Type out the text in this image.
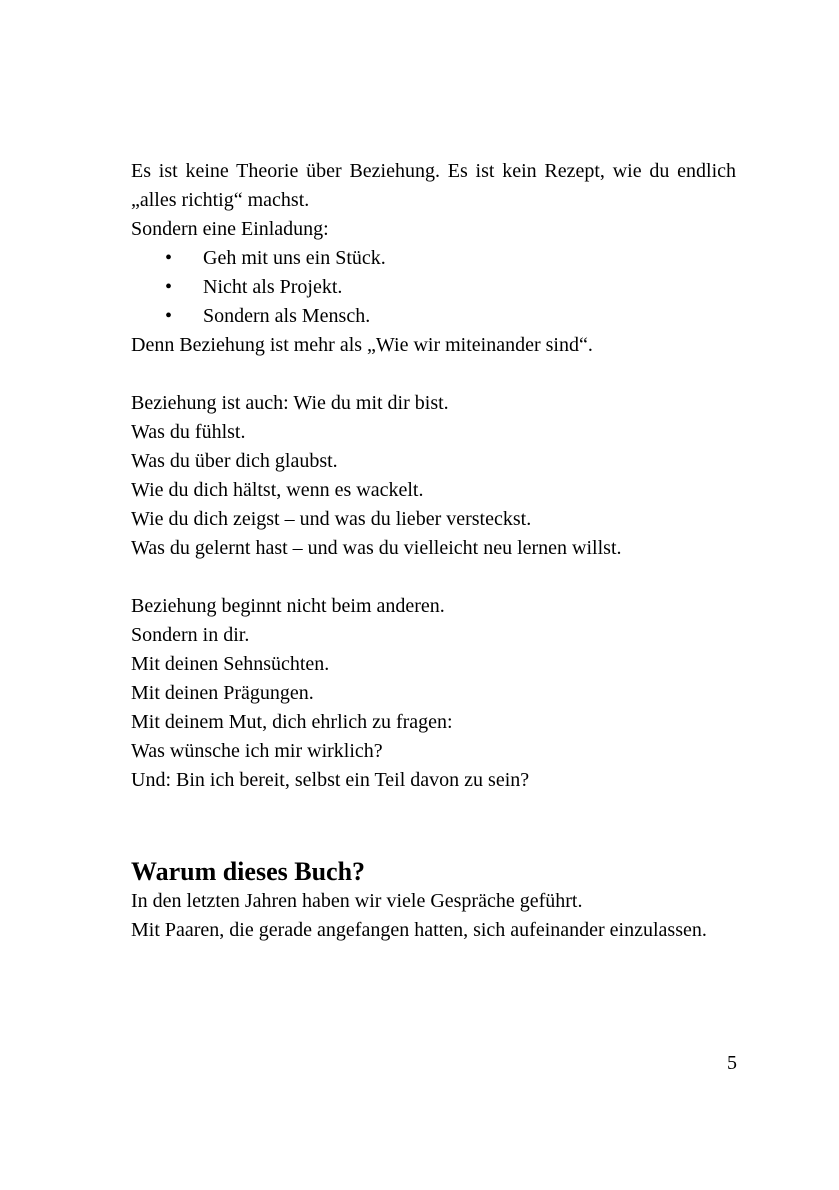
Es ist keine Theorie über Beziehung. Es ist kein Rezept, wie du endlich „alles richtig“ machst.

Sondern eine Einladung:

• Geh mit uns ein Stück.
• Nicht als Projekt.
• Sondern als Mensch.

Denn Beziehung ist mehr als „Wie wir miteinander sind“.

Beziehung ist auch: Wie du mit dir bist.

Was du fühlst.

Was du über dich glaubst.

Wie du dich hältst, wenn es wackelt.

Wie du dich zeigst – und was du lieber versteckst.

Was du gelernt hast – und was du vielleicht neu lernen willst.

Beziehung beginnt nicht beim anderen.

Sondern in dir.

Mit deinen Sehnsüchten.

Mit deinen Prägungen.

Mit deinem Mut, dich ehrlich zu fragen:

Was wünsche ich mir wirklich?

Und: Bin ich bereit, selbst ein Teil davon zu sein?

Warum dieses Buch?

In den letzten Jahren haben wir viele Gespräche geführt.

Mit Paaren, die gerade angefangen hatten, sich aufeinander einzulassen.

5
